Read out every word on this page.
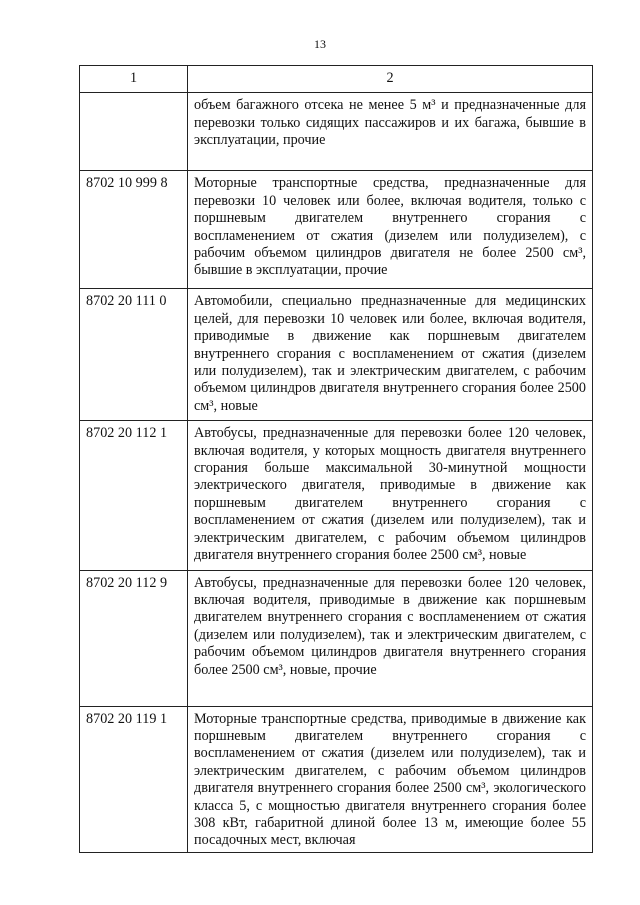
13
1	2
	объем багажного отсека не менее 5 м³ и предназначенные для перевозки только сидящих пассажиров и их багажа, бывшие в эксплуатации, прочие
8702 10 999 8	Моторные транспортные средства, предназначенные для перевозки 10 человек или более, включая водителя, только с поршневым двигателем внутреннего сгорания с воспламенением от сжатия (дизелем или полудизелем), с рабочим объемом цилиндров двигателя не более 2500 см³, бывшие в эксплуатации, прочие
8702 20 111 0	Автомобили, специально предназначенные для медицинских целей, для перевозки 10 человек или более, включая водителя, приводимые в движение как поршневым двигателем внутреннего сгорания с воспламенением от сжатия (дизелем или полудизелем), так и электрическим двигателем, с рабочим объемом цилиндров двигателя внутреннего сгорания более 2500 см³, новые
8702 20 112 1	Автобусы, предназначенные для перевозки более 120 человек, включая водителя, у которых мощность двигателя внутреннего сгорания больше максимальной 30-минутной мощности электрического двигателя, приводимые в движение как поршневым двигателем внутреннего сгорания с воспламенением от сжатия (дизелем или полудизелем), так и электрическим двигателем, с рабочим объемом цилиндров двигателя внутреннего сгорания более 2500 см³, новые
8702 20 112 9	Автобусы, предназначенные для перевозки более 120 человек, включая водителя, приводимые в движение как поршневым двигателем внутреннего сгорания с воспламенением от сжатия (дизелем или полудизелем), так и электрическим двигателем, с рабочим объемом цилиндров двигателя внутреннего сгорания более 2500 см³, новые, прочие
8702 20 119 1	Моторные транспортные средства, приводимые в движение как поршневым двигателем внутреннего сгорания с воспламенением от сжатия (дизелем или полудизелем), так и электрическим двигателем, с рабочим объемом цилиндров двигателя внутреннего сгорания более 2500 см³, экологического класса 5, с мощностью двигателя внутреннего сгорания более 308 кВт, габаритной длиной более 13 м, имеющие более 55 посадочных мест, включая
